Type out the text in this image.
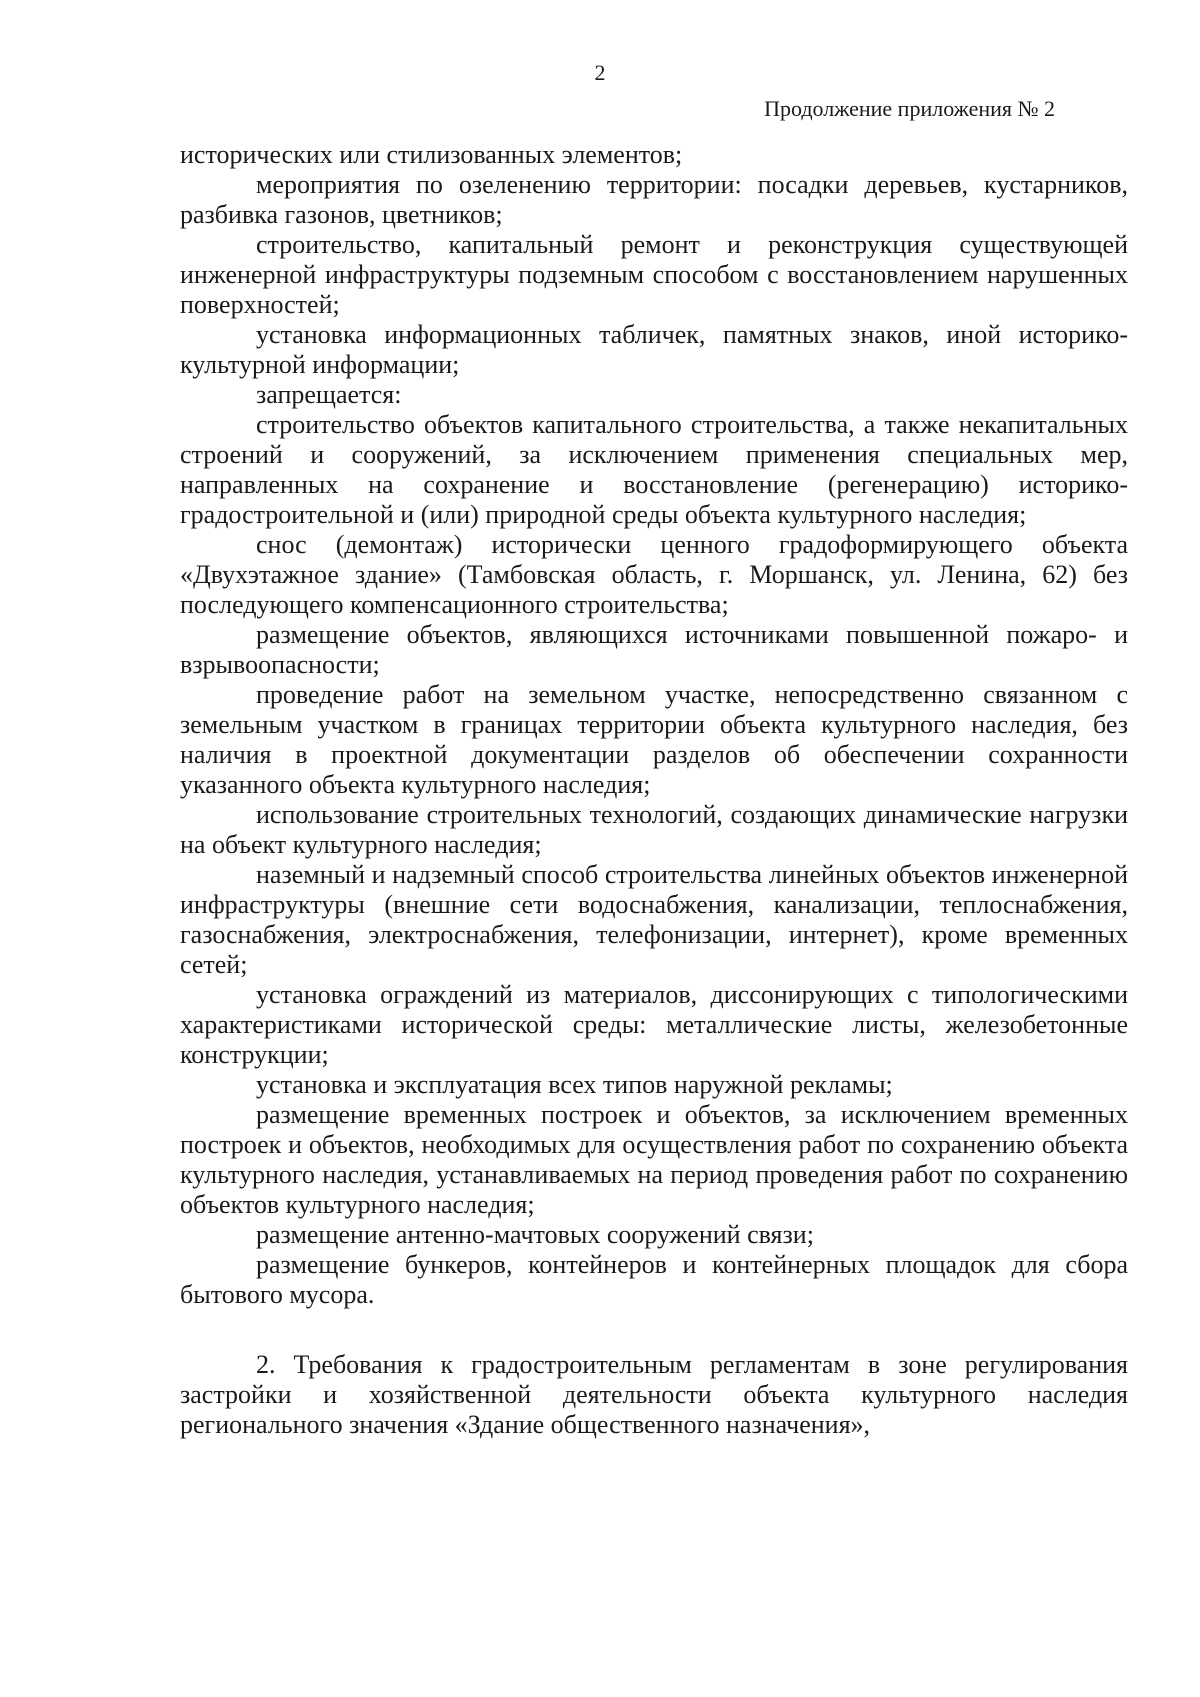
2
Продолжение приложения № 2

исторических или стилизованных элементов;

мероприятия по озеленению территории: посадки деревьев, кустарников, разбивка газонов, цветников;

строительство, капитальный ремонт и реконструкция существующей инженерной инфраструктуры подземным способом с восстановлением нарушенных поверхностей;

установка информационных табличек, памятных знаков, иной историко-культурной информации;

запрещается:

строительство объектов капитального строительства, а также некапитальных строений и сооружений, за исключением применения специальных мер, направленных на сохранение и восстановление (регенерацию) историко-градостроительной и (или) природной среды объекта культурного наследия;

снос (демонтаж) исторически ценного градоформирующего объекта «Двухэтажное здание» (Тамбовская область, г. Моршанск, ул. Ленина, 62) без последующего компенсационного строительства;

размещение объектов, являющихся источниками повышенной пожаро- и взрывоопасности;

проведение работ на земельном участке, непосредственно связанном с земельным участком в границах территории объекта культурного наследия, без наличия в проектной документации разделов об обеспечении сохранности указанного объекта культурного наследия;

использование строительных технологий, создающих динамические нагрузки на объект культурного наследия;

наземный и надземный способ строительства линейных объектов инженерной инфраструктуры (внешние сети водоснабжения, канализации, теплоснабжения, газоснабжения, электроснабжения, телефонизации, интернет), кроме временных сетей;

установка ограждений из материалов, диссонирующих с типологическими характеристиками исторической среды: металлические листы, железобетонные конструкции;

установка и эксплуатация всех типов наружной рекламы;

размещение временных построек и объектов, за исключением временных построек и объектов, необходимых для осуществления работ по сохранению объекта культурного наследия, устанавливаемых на период проведения работ по сохранению объектов культурного наследия;

размещение антенно-мачтовых сооружений связи;

размещение бункеров, контейнеров и контейнерных площадок для сбора бытового мусора.

2. Требования к градостроительным регламентам в зоне регулирования застройки и хозяйственной деятельности объекта культурного наследия регионального значения «Здание общественного назначения»,
